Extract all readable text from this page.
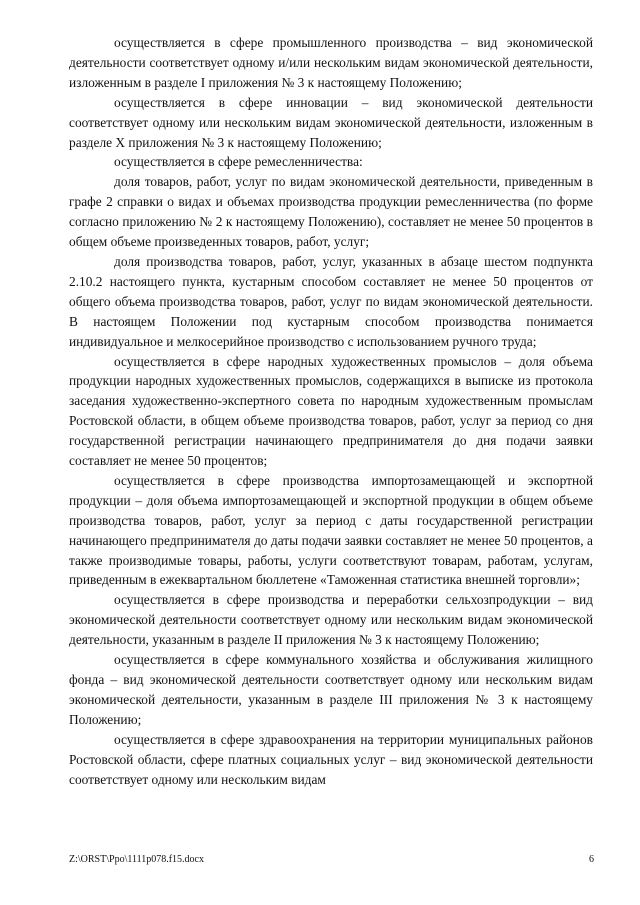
осуществляется в сфере промышленного производства – вид экономической деятельности соответствует одному и/или нескольким видам экономической деятельности, изложенным в разделе I приложения № 3 к настоящему Положению;

осуществляется в сфере инновации – вид экономической деятельности соответствует одному или нескольким видам экономической деятельности, изложенным в разделе X приложения № 3 к настоящему Положению;

осуществляется в сфере ремесленничества:

доля товаров, работ, услуг по видам экономической деятельности, приведенным в графе 2 справки о видах и объемах производства продукции ремесленничества (по форме согласно приложению № 2 к настоящему Положению), составляет не менее 50 процентов в общем объеме произведенных товаров, работ, услуг;

доля производства товаров, работ, услуг, указанных в абзаце шестом подпункта 2.10.2 настоящего пункта, кустарным способом составляет не менее 50 процентов от общего объема производства товаров, работ, услуг по видам экономической деятельности. В настоящем Положении под кустарным способом производства понимается индивидуальное и мелкосерийное производство с использованием ручного труда;

осуществляется в сфере народных художественных промыслов – доля объема продукции народных художественных промыслов, содержащихся в выписке из протокола заседания художественно-экспертного совета по народным художественным промыслам Ростовской области, в общем объеме производства товаров, работ, услуг за период со дня государственной регистрации начинающего предпринимателя до дня подачи заявки составляет не менее 50 процентов;

осуществляется в сфере производства импортозамещающей и экспортной продукции – доля объема импортозамещающей и экспортной продукции в общем объеме производства товаров, работ, услуг за период с даты государственной регистрации начинающего предпринимателя до даты подачи заявки составляет не менее 50 процентов, а также производимые товары, работы, услуги соответствуют товарам, работам, услугам, приведенным в ежеквартальном бюллетене «Таможенная статистика внешней торговли»;

осуществляется в сфере производства и переработки сельхозпродукции – вид экономической деятельности соответствует одному или нескольким видам экономической деятельности, указанным в разделе II приложения № 3 к настоящему Положению;

осуществляется в сфере коммунального хозяйства и обслуживания жилищного фонда – вид экономической деятельности соответствует одному или нескольким видам экономической деятельности, указанным в разделе III приложения № 3 к настоящему Положению;

осуществляется в сфере здравоохранения на территории муниципальных районов Ростовской области, сфере платных социальных услуг – вид экономической деятельности соответствует одному или нескольким видам

Z:\ORST\Ppo\1111p078.f15.docx	6
